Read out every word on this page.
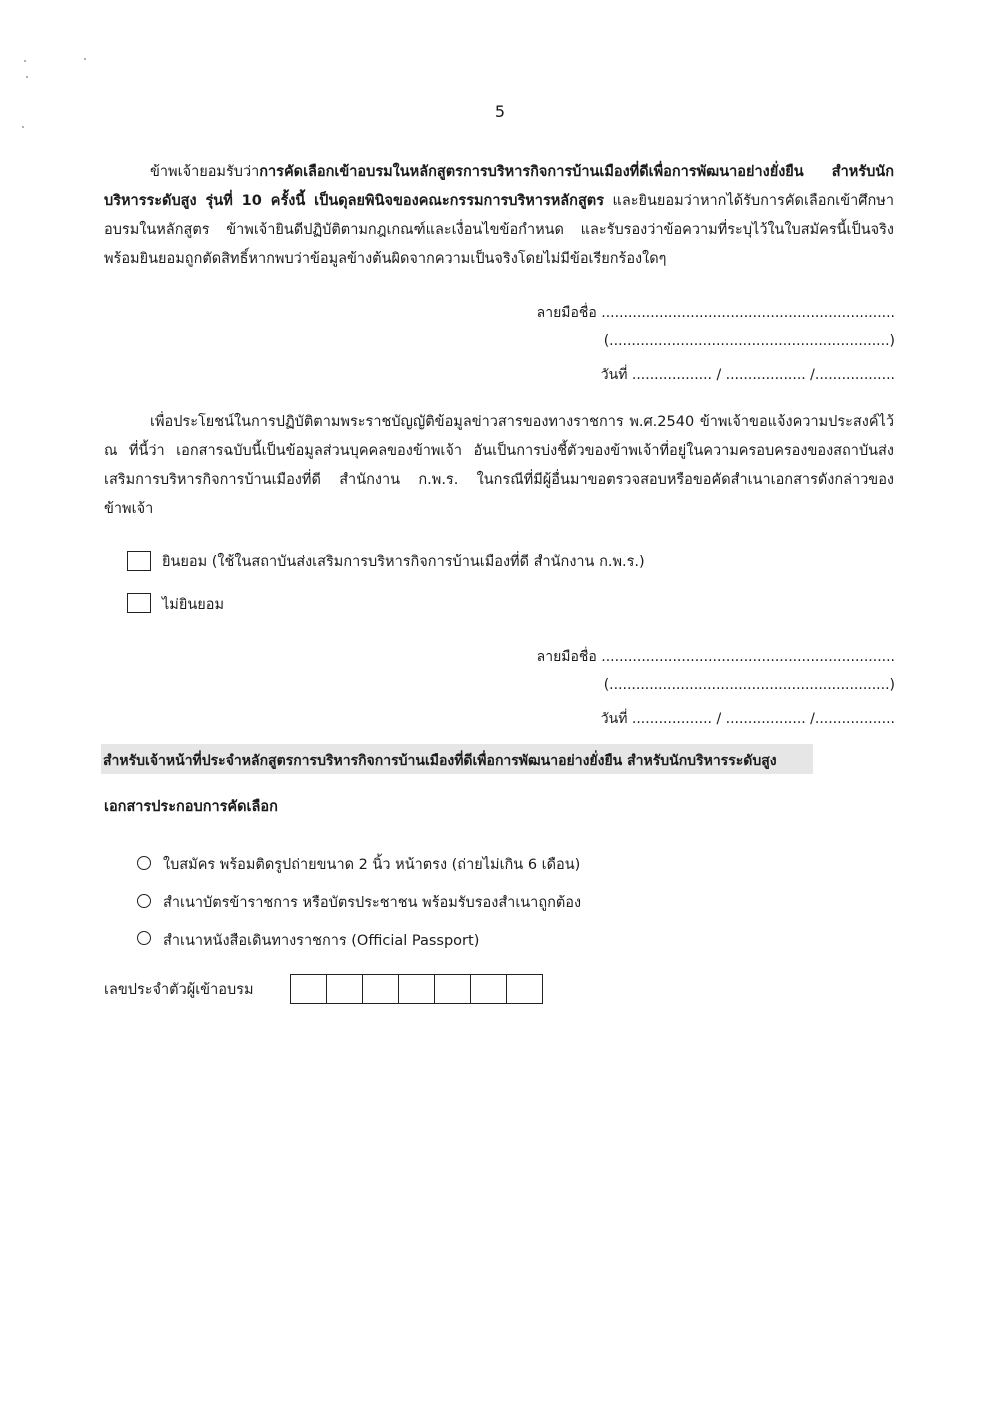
5
ข้าพเจ้ายอมรับว่าการคัดเลือกเข้าอบรมในหลักสูตรการบริหารกิจการบ้านเมืองที่ดีเพื่อการพัฒนาอย่างยั่งยืน สำหรับนักบริหารระดับสูง รุ่นที่ 10 ครั้งนี้ เป็นดุลยพินิจของคณะกรรมการบริหารหลักสูตร และยินยอมว่าหากได้รับการคัดเลือกเข้าศึกษาอบรมในหลักสูตร ข้าพเจ้ายินดีปฏิบัติตามกฎเกณฑ์และเงื่อนไขข้อกำหนด และรับรองว่าข้อความที่ระบุไว้ในใบสมัครนี้เป็นจริง พร้อมยินยอมถูกตัดสิทธิ์หากพบว่าข้อมูลข้างต้นผิดจากความเป็นจริงโดยไม่มีข้อเรียกร้องใดๆ
ลายมือชื่อ ..................................................................
(...............................................................)
วันที่ .................. / .................. /..................
เพื่อประโยชน์ในการปฏิบัติตามพระราชบัญญัติข้อมูลข่าวสารของทางราชการ พ.ศ.2540 ข้าพเจ้าขอแจ้งความประสงค์ไว้ ณ ที่นี้ว่า เอกสารฉบับนี้เป็นข้อมูลส่วนบุคคลของข้าพเจ้า อันเป็นการบ่งชี้ตัวของข้าพเจ้าที่อยู่ในความครอบครองของสถาบันส่งเสริมการบริหารกิจการบ้านเมืองที่ดี สำนักงาน ก.พ.ร. ในกรณีที่มีผู้อื่นมาขอตรวจสอบหรือขอคัดสำเนาเอกสารดังกล่าวของข้าพเจ้า
ยินยอม (ใช้ในสถาบันส่งเสริมการบริหารกิจการบ้านเมืองที่ดี สำนักงาน ก.พ.ร.)
ไม่ยินยอม
ลายมือชื่อ ..................................................................
(...............................................................)
วันที่ .................. / .................. /..................
สำหรับเจ้าหน้าที่ประจำหลักสูตรการบริหารกิจการบ้านเมืองที่ดีเพื่อการพัฒนาอย่างยั่งยืน สำหรับนักบริหารระดับสูง
เอกสารประกอบการคัดเลือก
ใบสมัคร พร้อมติดรูปถ่ายขนาด 2 นิ้ว หน้าตรง (ถ่ายไม่เกิน 6 เดือน)
สำเนาบัตรข้าราชการ หรือบัตรประชาชน พร้อมรับรองสำเนาถูกต้อง
สำเนาหนังสือเดินทางราชการ (Official Passport)
เลขประจำตัวผู้เข้าอบรม
